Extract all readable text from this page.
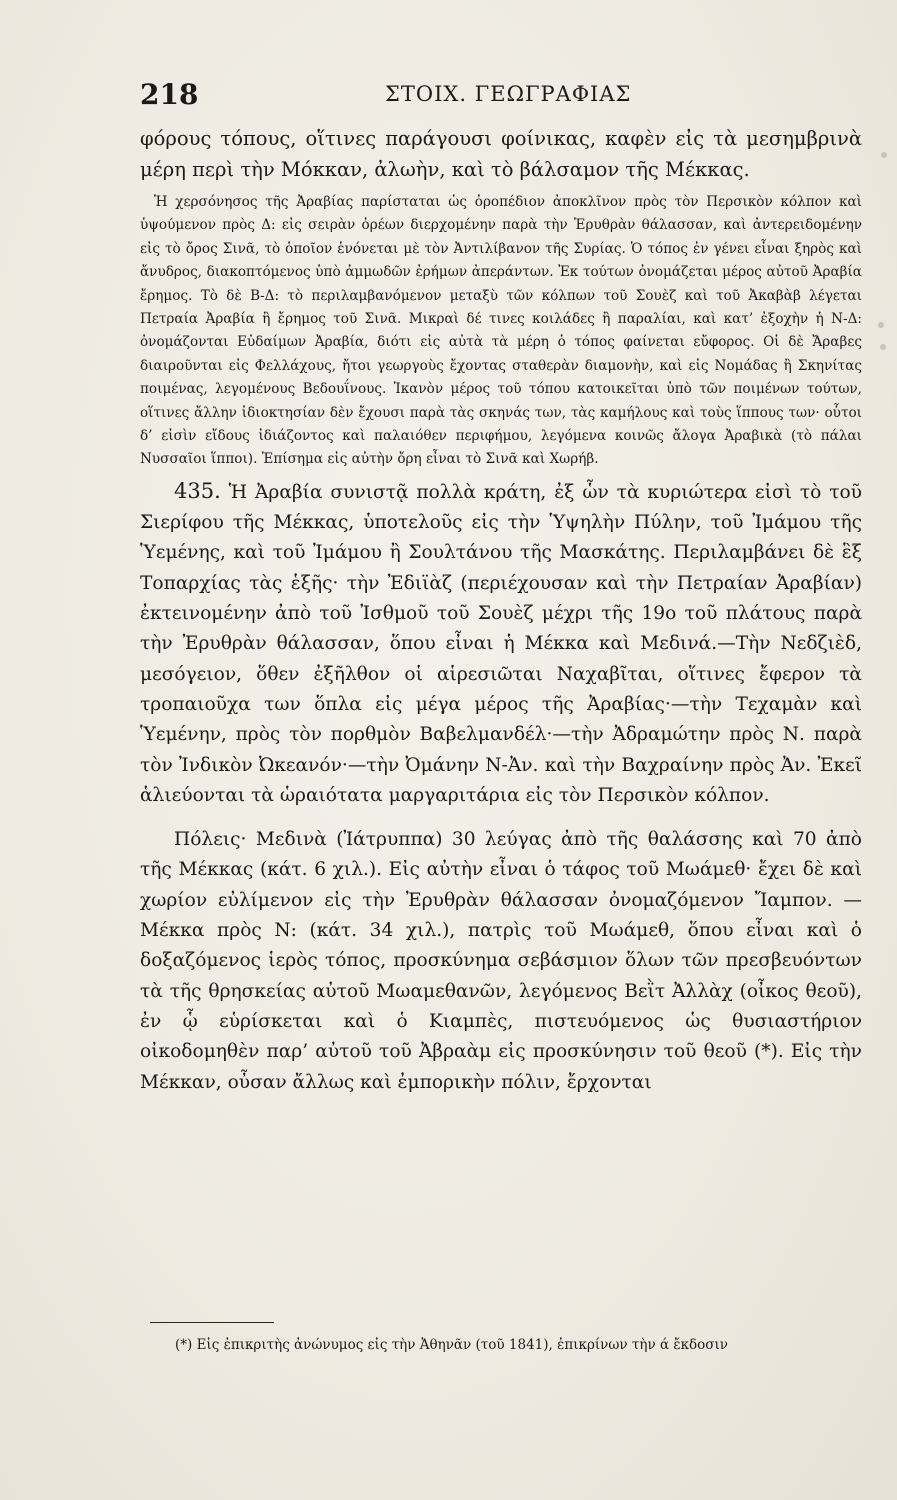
218	ΣΤΟΙΧ. ΓΕΩΓΡΑΦΙΑΣ

φόρους τόπους, οἵτινες παράγουσι φοίνικας, καφὲν εἰς τὰ μεσημβρινὰ μέρη περὶ τὴν Μόκκαν, ἀλωὴν, καὶ τὸ βάλσαμον τῆς Μέκκας.

Ἡ χερσόνησος τῆς Ἀραβίας παρίσταται ὡς ὀροπέδιον ἀποκλῖνον πρὸς τὸν Περσικὸν κόλπον καὶ ὑψούμενον πρὸς Δ: εἰς σειρὰν ὀρέων διερχομένην παρὰ τὴν Ἐρυθρὰν θάλασσαν, καὶ ἀντερειδομένην εἰς τὸ ὄρος Σινᾶ, τὸ ὁποῖον ἑνόνεται μὲ τὸν Ἀντιλίβανον τῆς Συρίας. Ὁ τόπος ἐν γένει εἶναι ξηρὸς καὶ ἄνυδρος, διακοπτόμενος ὑπὸ ἀμμωδῶν ἐρήμων ἀπεράντων. Ἐκ τούτων ὀνομάζεται μέρος αὐτοῦ Ἀραβία ἔρημος. Τὸ δὲ Β-Δ: τὸ περιλαμβανόμενον μεταξὺ τῶν κόλπων τοῦ Σουὲζ καὶ τοῦ Ἀκαβὰβ λέγεται Πετραία Ἀραβία ἢ ἔρημος τοῦ Σινᾶ. Μικραὶ δέ τινες κοιλάδες ἢ παραλίαι, καὶ κατ’ ἐξοχὴν ἡ Ν-Δ: ὀνομάζονται Εὐδαίμων Ἀραβία, διότι εἰς αὐτὰ τὰ μέρη ὁ τόπος φαίνεται εὔφορος. Οἱ δὲ Ἄραβες διαιροῦνται εἰς Φελλάχους, ἤτοι γεωργοὺς ἔχοντας σταθερὰν διαμονὴν, καὶ εἰς Νομάδας ἢ Σκηνίτας ποιμένας, λεγομένους Βεδουΐνους. Ἱκανὸν μέρος τοῦ τόπου κατοικεῖται ὑπὸ τῶν ποιμένων τούτων, οἵτινες ἄλλην ἰδιοκτησίαν δὲν ἔχουσι παρὰ τὰς σκηνάς των, τὰς καμήλους καὶ τοὺς ἵππους των· οὗτοι δ’ εἰσὶν εἴδους ἰδιάζοντος καὶ παλαιόθεν περιφήμου, λεγόμενα κοινῶς ἄλογα Ἀραβικὰ (τὸ πάλαι Νυσσαῖοι ἵπποι). Ἐπίσημα εἰς αὐτὴν ὄρη εἶναι τὸ Σινᾶ καὶ Χωρήβ.

435. Ἡ Ἀραβία συνιστᾷ πολλὰ κράτη, ἐξ ὧν τὰ κυριώτερα εἰσὶ τὸ τοῦ Σιερίφου τῆς Μέκκας, ὑποτελοῦς εἰς τὴν Ὑψηλὴν Πύλην, τοῦ Ἰμάμου τῆς Ὑεμένης, καὶ τοῦ Ἰμάμου ἢ Σουλτάνου τῆς Μασκάτης. Περιλαμβάνει δὲ ἓξ Τοπαρχίας τὰς ἑξῆς· τὴν Ἐδιϊὰζ (περιέχουσαν καὶ τὴν Πετραίαν Ἀραβίαν) ἐκτεινομένην ἀπὸ τοῦ Ἰσθμοῦ τοῦ Σουὲζ μέχρι τῆς 19ο τοῦ πλάτους παρὰ τὴν Ἐρυθρὰν θάλασσαν, ὅπου εἶναι ἡ Μέκκα καὶ Μεδινά.—Τὴν Νεδζιὲδ, μεσόγειον, ὅθεν ἐξῆλθον οἱ αἱρεσιῶται Ναχαβῖται, οἵτινες ἔφερον τὰ τροπαιοῦχα των ὅπλα εἰς μέγα μέρος τῆς Ἀραβίας·—τὴν Τεχαμὰν καὶ Ὑεμένην, πρὸς τὸν πορθμὸν Βαβελμανδέλ·—τὴν Ἀδραμώτην πρὸς Ν. παρὰ τὸν Ἰνδικὸν Ὠκεανόν·—τὴν Ὀμάνην Ν-Ἀν. καὶ τὴν Βαχραίνην πρὸς Ἀν. Ἐκεῖ ἁλιεύονται τὰ ὡραιότατα μαργαριτάρια εἰς τὸν Περσικὸν κόλπον.

Πόλεις· Μεδινὰ (Ἰάτρυππα) 30 λεύγας ἀπὸ τῆς θαλάσσης καὶ 70 ἀπὸ τῆς Μέκκας (κάτ. 6 χιλ.). Εἰς αὐτὴν εἶναι ὁ τάφος τοῦ Μωάμεθ· ἔχει δὲ καὶ χωρίον εὐλίμενον εἰς τὴν Ἐρυθρὰν θάλασσαν ὀνομαζόμενον Ἴαμπον. — Μέκκα πρὸς Ν: (κάτ. 34 χιλ.), πατρὶς τοῦ Μωάμεθ, ὅπου εἶναι καὶ ὁ δοξαζόμενος ἱερὸς τόπος, προσκύνημα σεβάσμιον ὅλων τῶν πρεσβευόντων τὰ τῆς θρησκείας αὐτοῦ Μωαμεθανῶν, λεγόμενος Βεῒτ Ἀλλὰχ (οἶκος θεοῦ), ἐν ᾧ εὑρίσκεται καὶ ὁ Κιαμπὲς, πιστευόμενος ὡς θυσιαστήριον οἰκοδομηθὲν παρ’ αὐτοῦ τοῦ Ἀβραὰμ εἰς προσκύνησιν τοῦ θεοῦ (*). Εἰς τὴν Μέκκαν, οὖσαν ἄλλως καὶ ἐμπορικὴν πόλιν, ἔρχονται

(*) Εἰς ἐπικριτὴς ἀνώνυμος εἰς τὴν Ἀθηνᾶν (τοῦ 1841), ἐπικρίνων τὴν ά ἔκδοσιν
